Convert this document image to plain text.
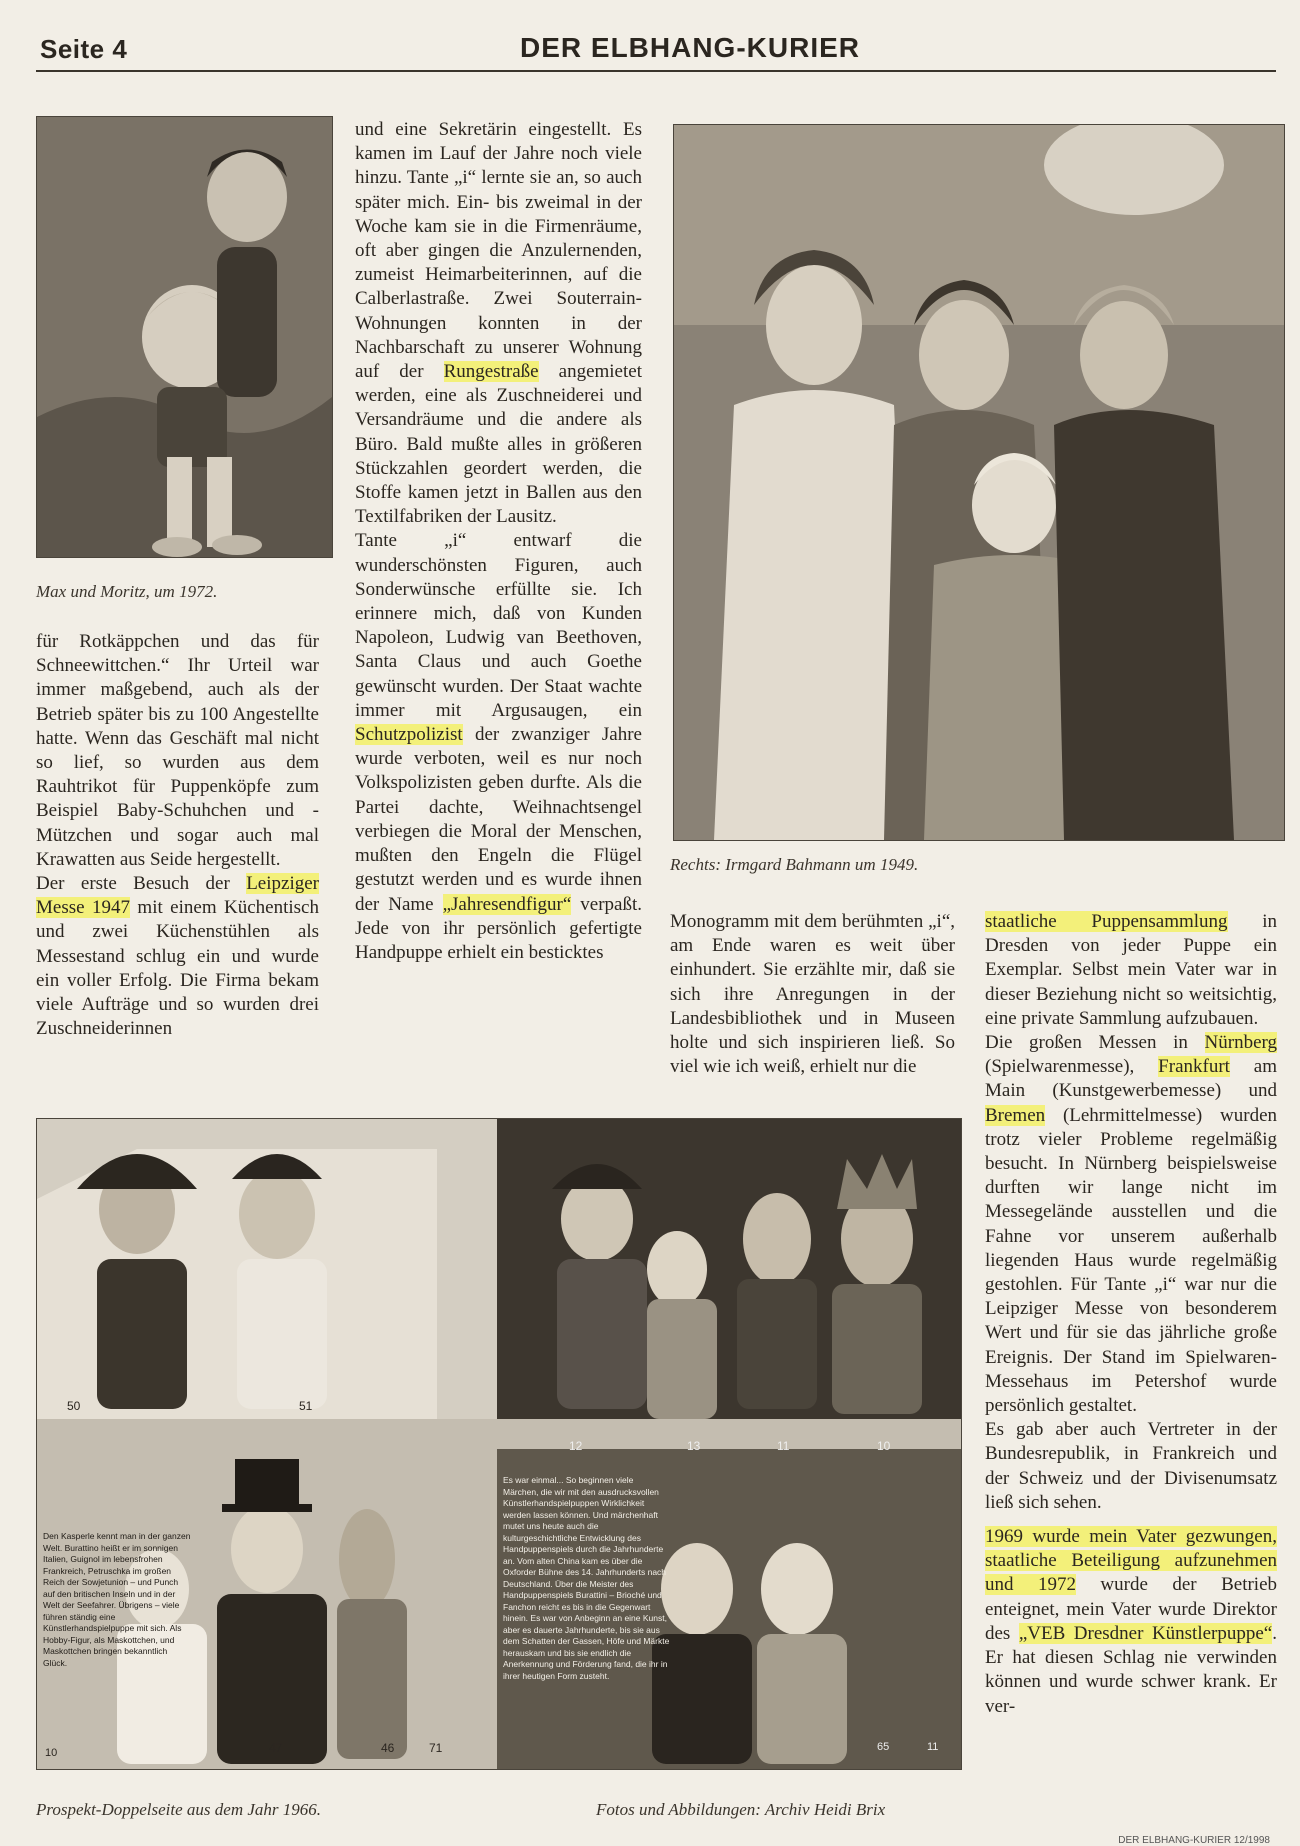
Seite 4	DER ELBHANG-KURIER
Max und Moritz, um 1972.

für Rotkäppchen und das für Schneewittchen.“ Ihr Urteil war immer maßgebend, auch als der Betrieb später bis zu 100 Angestellte hatte. Wenn das Geschäft mal nicht so lief, so wurden aus dem Rauhtrikot für Puppenköpfe zum Beispiel Baby-Schuhchen und -Mützchen und sogar auch mal Krawatten aus Seide hergestellt.

Der erste Besuch der Leipziger Messe 1947 mit einem Küchentisch und zwei Küchenstühlen als Messestand schlug ein und wurde ein voller Erfolg. Die Firma bekam viele Aufträge und so wurden drei Zuschneiderinnen

und eine Sekretärin eingestellt. Es kamen im Lauf der Jahre noch viele hinzu. Tante „i“ lernte sie an, so auch später mich. Ein- bis zweimal in der Woche kam sie in die Firmenräume, oft aber gingen die Anzulernenden, zumeist Heimarbeiterinnen, auf die Calberlastraße. Zwei Souterrain-Wohnungen konnten in der Nachbarschaft zu unserer Wohnung auf der Rungestraße angemietet werden, eine als Zuschneiderei und Versandräume und die andere als Büro. Bald mußte alles in größeren Stückzahlen geordert werden, die Stoffe kamen jetzt in Ballen aus den Textilfabriken der Lausitz.

Tante „i“ entwarf die wunderschönsten Figuren, auch Sonderwünsche erfüllte sie. Ich erinnere mich, daß von Kunden Napoleon, Ludwig van Beethoven, Santa Claus und auch Goethe gewünscht wurden. Der Staat wachte immer mit Argusaugen, ein Schutzpolizist der zwanziger Jahre wurde verboten, weil es nur noch Volkspolizisten geben durfte. Als die Partei dachte, Weihnachtsengel verbiegen die Moral der Menschen, mußten den Engeln die Flügel gestutzt werden und es wurde ihnen der Name „Jahresendfigur“ verpaßt. Jede von ihr persönlich gefertigte Handpuppe erhielt ein besticktes

Rechts: Irmgard Bahmann um 1949.

Monogramm mit dem berühmten „i“, am Ende waren es weit über einhundert. Sie erzählte mir, daß sie sich ihre Anregungen in der Landesbibliothek und in Museen holte und sich inspirieren ließ. So viel wie ich weiß, erhielt nur die

staatliche Puppensammlung in Dresden von jeder Puppe ein Exemplar. Selbst mein Vater war in dieser Beziehung nicht so weitsichtig, eine private Sammlung aufzubauen.

Die großen Messen in Nürnberg (Spielwarenmesse), Frankfurt am Main (Kunstgewerbemesse) und Bremen (Lehrmittelmesse) wurden trotz vieler Probleme regelmäßig besucht. In Nürnberg beispielsweise durften wir lange nicht im Messegelände ausstellen und die Fahne vor unserem außerhalb liegenden Haus wurde regelmäßig gestohlen. Für Tante „i“ war nur die Leipziger Messe von besonderem Wert und für sie das jährliche große Ereignis. Der Stand im Spielwaren-Messehaus im Petershof wurde persönlich gestaltet.

Es gab aber auch Vertreter in der Bundesrepublik, in Frankreich und der Schweiz und der Divisenumsatz ließ sich sehen.

1969 wurde mein Vater gezwungen, staatliche Beteiligung aufzunehmen und 1972 wurde der Betrieb enteignet, mein Vater wurde Direktor des „VEB Dresdner Künstlerpuppe“. Er hat diesen Schlag nie verwinden können und wurde schwer krank. Er ver-

Den Kasperle kennt man in der ganzen Welt. Burattino heißt er im sonnigen Italien, Guignol im lebensfrohen Frankreich, Petruschka im großen Reich der Sowjetunion – und Punch auf den britischen Inseln und in der Welt der Seefahrer. Übrigens – viele führen ständig eine Künstlerhandspielpuppe mit sich. Als Hobby-Figur, als Maskottchen, und Maskottchen bringen bekanntlich Glück.
Es war einmal... So beginnen viele Märchen, die wir mit den ausdrucksvollen Künstlerhandspielpuppen Wirklichkeit werden lassen können. Und märchenhaft mutet uns heute auch die kulturgeschichtliche Entwicklung des Handpuppenspiels durch die Jahrhunderte an. Vom alten China kam es über die Oxforder Bühne des 14. Jahrhunderts nach Deutschland. Über die Meister des Handpuppenspiels Burattini – Brioché und Fanchon reicht es bis in die Gegenwart hinein. Es war von Anbeginn an eine Kunst, aber es dauerte Jahrhunderte, bis sie aus dem Schatten der Gassen, Höfe und Märkte herauskam und bis sie endlich die Anerkennung und Förderung fand, die ihr in ihrer heutigen Form zusteht.
50	51
12	13	11	10
47	46	71
10	11
65
Prospekt-Doppelseite aus dem Jahr 1966.	Fotos und Abbildungen: Archiv Heidi Brix
DER ELBHANG-KURIER 12/1998
